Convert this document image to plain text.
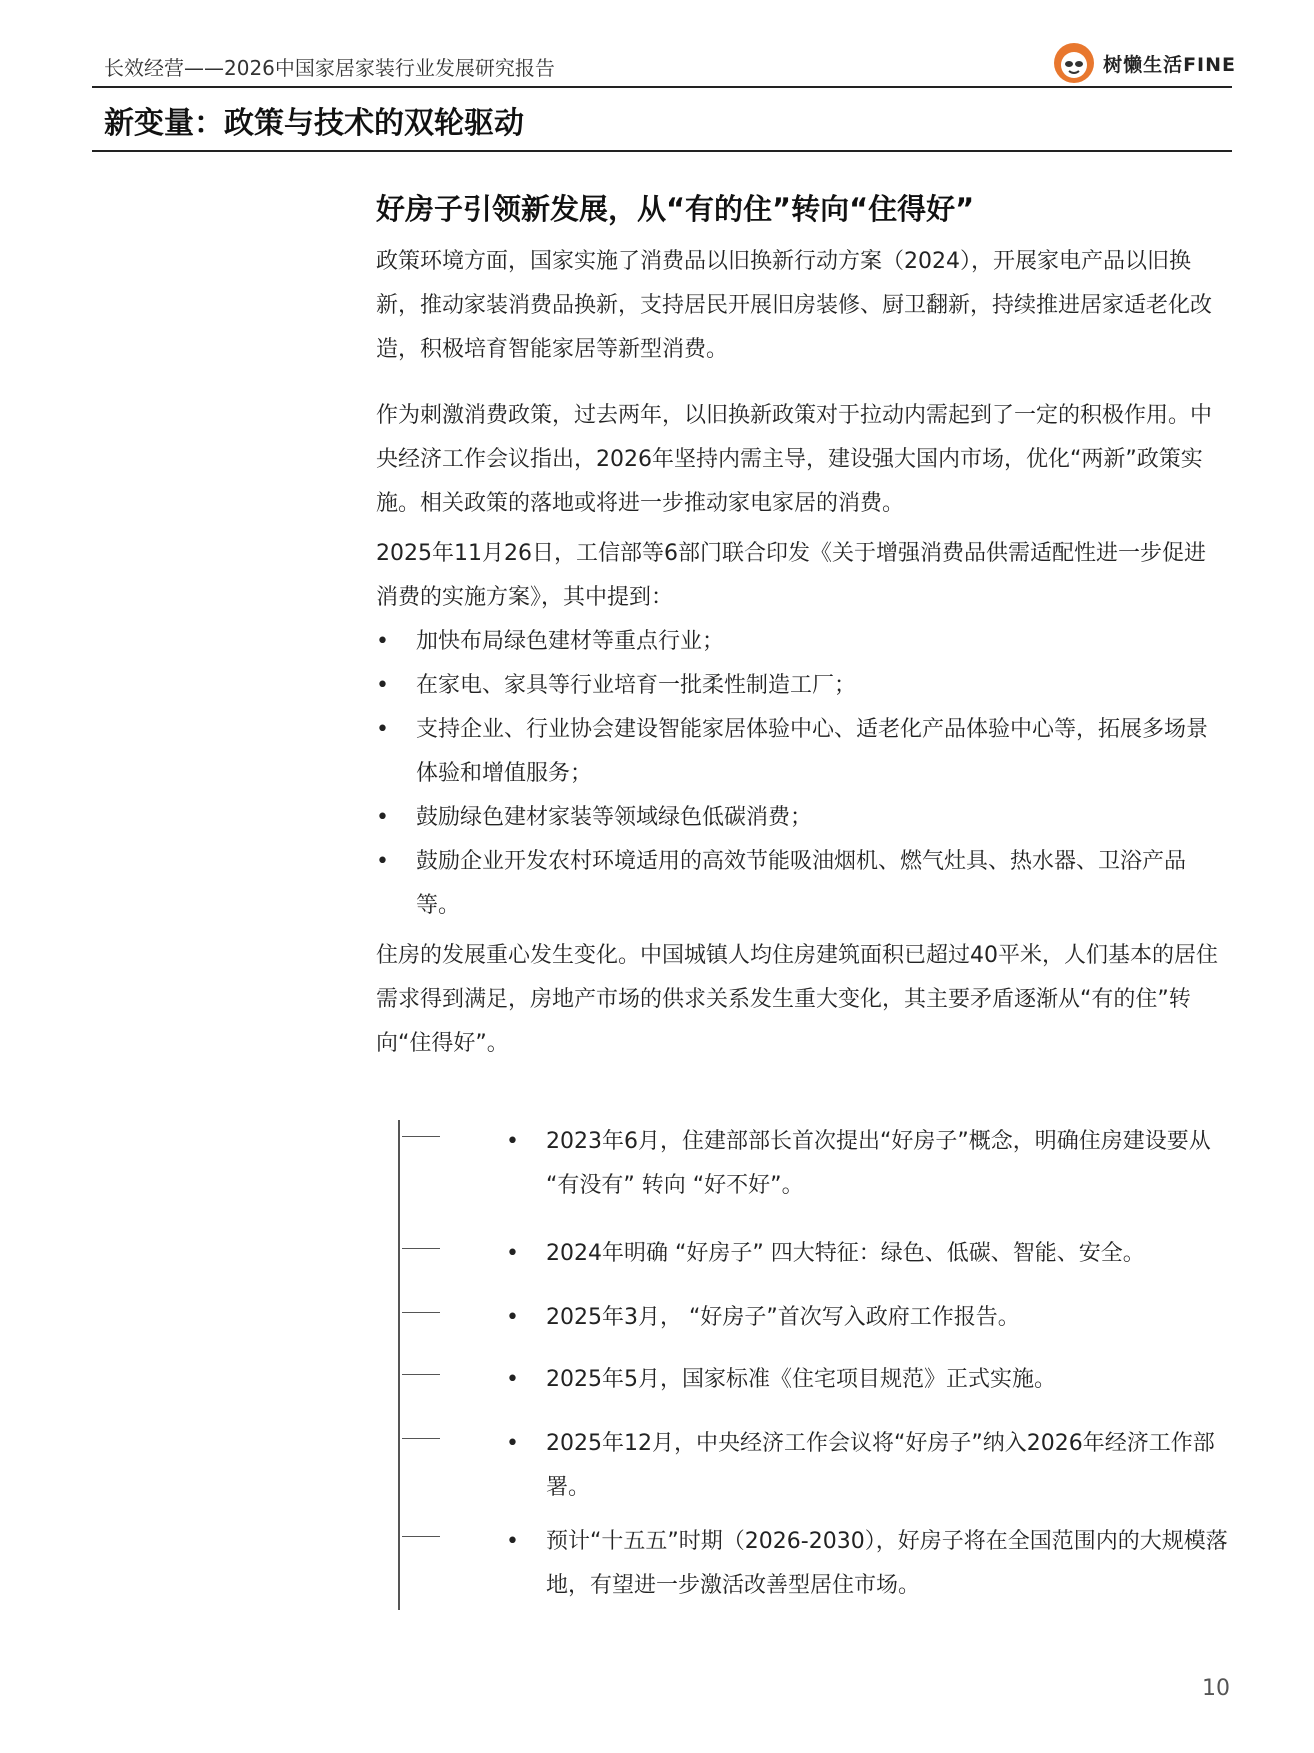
长效经营——2026中国家居家装行业发展研究报告	树懒生活FINE
新变量：政策与技术的双轮驱动
好房子引领新发展，从“有的住”转向“住得好”

政策环境方面，国家实施了消费品以旧换新行动方案（2024），开展家电产品以旧换新，推动家装消费品换新，支持居民开展旧房装修、厨卫翻新，持续推进居家适老化改造，积极培育智能家居等新型消费。

作为刺激消费政策，过去两年，以旧换新政策对于拉动内需起到了一定的积极作用。中央经济工作会议指出，2026年坚持内需主导，建设强大国内市场，优化“两新”政策实施。相关政策的落地或将进一步推动家电家居的消费。

2025年11月26日，工信部等6部门联合印发《关于增强消费品供需适配性进一步促进消费的实施方案》，其中提到：

• 加快布局绿色建材等重点行业；
• 在家电、家具等行业培育一批柔性制造工厂；
• 支持企业、行业协会建设智能家居体验中心、适老化产品体验中心等，拓展多场景体验和增值服务；
• 鼓励绿色建材家装等领域绿色低碳消费；
• 鼓励企业开发农村环境适用的高效节能吸油烟机、燃气灶具、热水器、卫浴产品等。

住房的发展重心发生变化。中国城镇人均住房建筑面积已超过40平米，人们基本的居住需求得到满足，房地产市场的供求关系发生重大变化，其主要矛盾逐渐从“有的住”转向“住得好”。

• 2023年6月，住建部部长首次提出“好房子”概念，明确住房建设要从 “有没有” 转向 “好不好”。
• 2024年明确 “好房子” 四大特征：绿色、低碳、智能、安全。
• 2025年3月， “好房子”首次写入政府工作报告。
• 2025年5月，国家标准《住宅项目规范》正式实施。
• 2025年12月，中央经济工作会议将“好房子”纳入2026年经济工作部署。
• 预计“十五五”时期（2026-2030），好房子将在全国范围内的大规模落地，有望进一步激活改善型居住市场。
10
